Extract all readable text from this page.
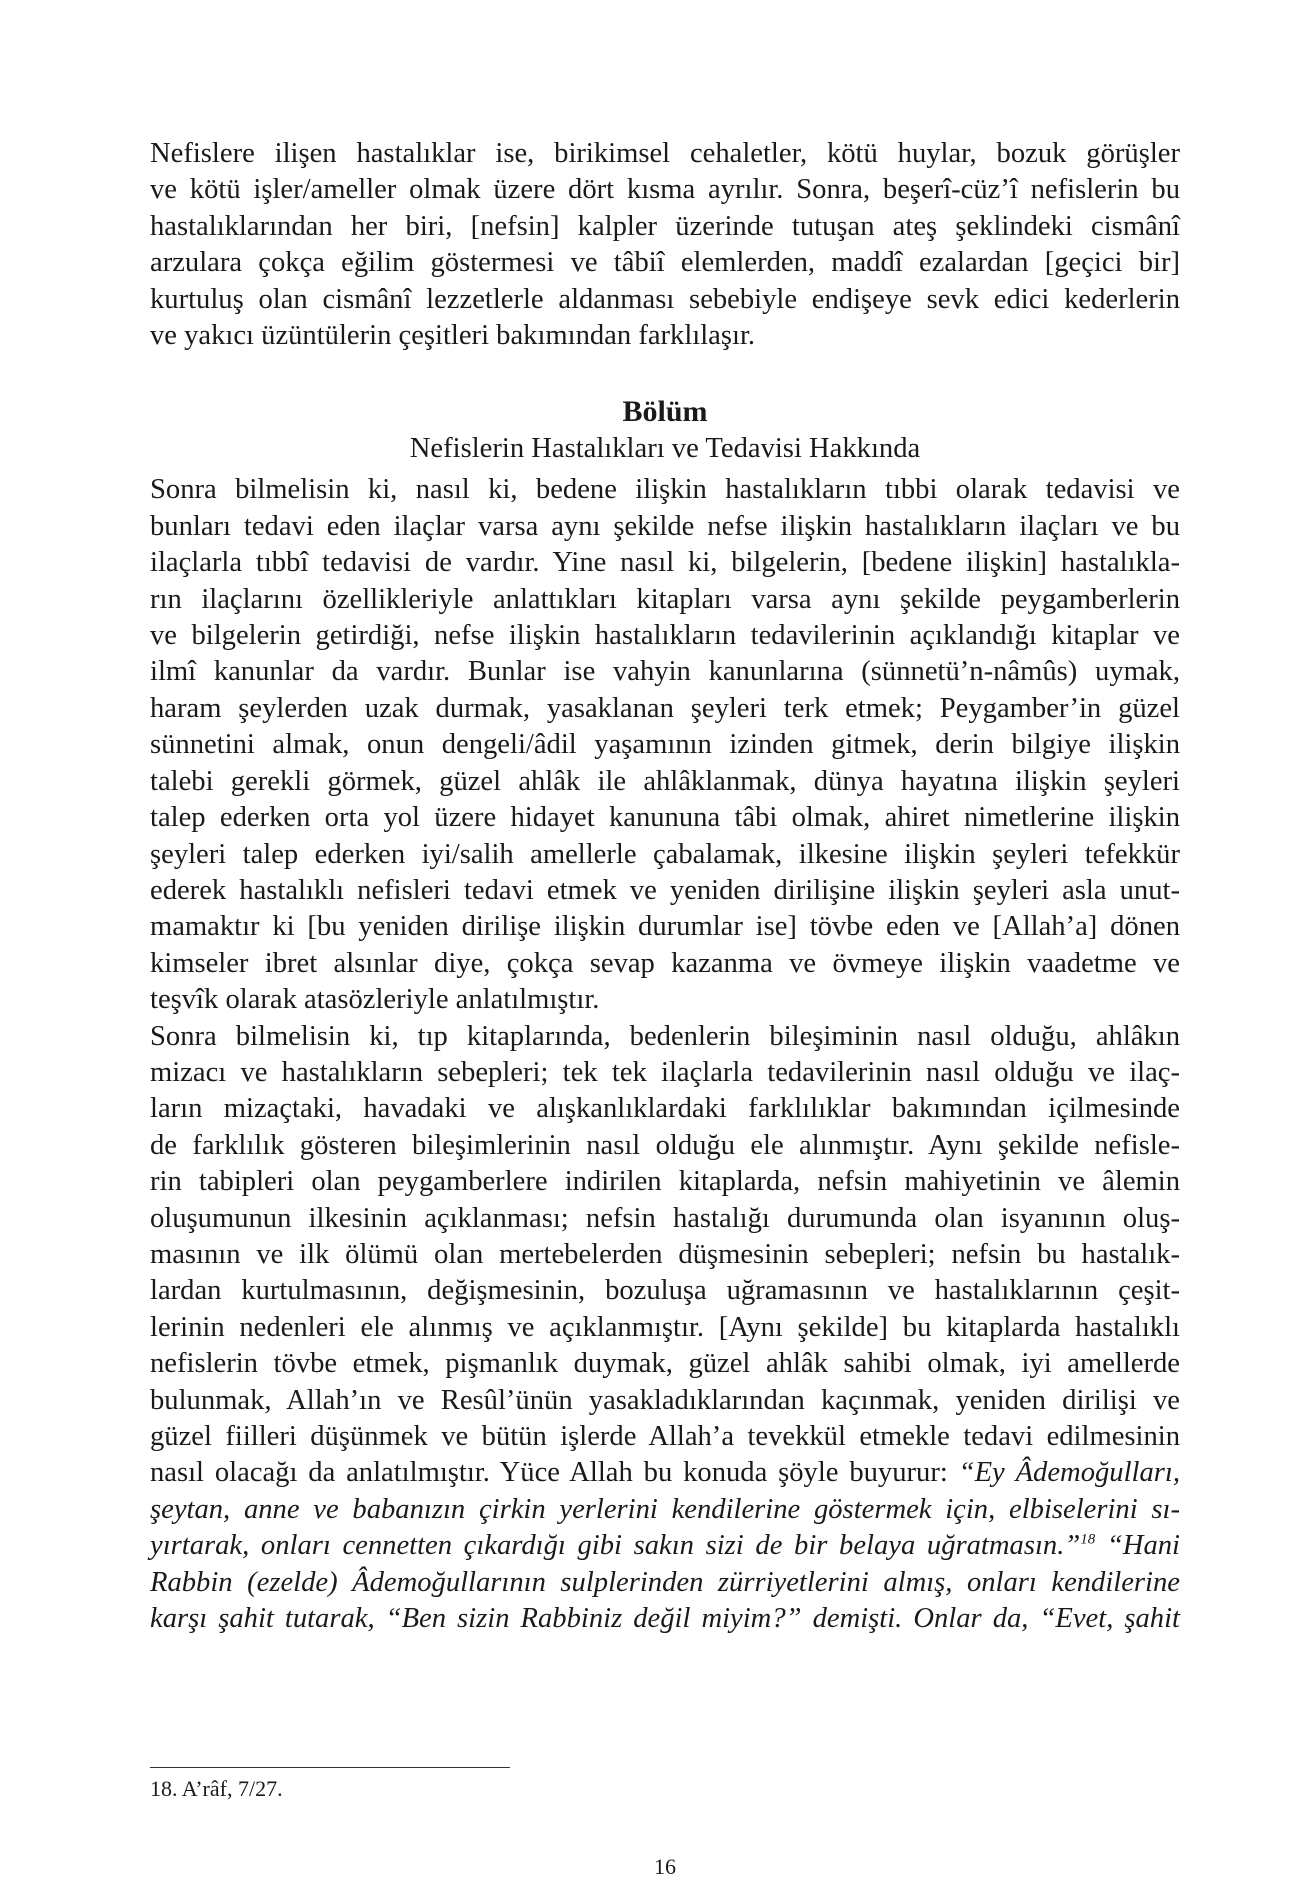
Nefislere ilişen hastalıklar ise, birikimsel cehaletler, kötü huylar, bozuk görüşler
ve kötü işler/ameller olmak üzere dört kısma ayrılır. Sonra, beşerî-cüz’î nefislerin bu
hastalıklarından her biri, [nefsin] kalpler üzerinde tutuşan ateş şeklindeki cismânî
arzulara çokça eğilim göstermesi ve tâbiî elemlerden, maddî ezalardan [geçici bir]
kurtuluş olan cismânî lezzetlerle aldanması sebebiyle endişeye sevk edici kederlerin
ve yakıcı üzüntülerin çeşitleri bakımından farklılaşır.

Bölüm
Nefislerin Hastalıkları ve Tedavisi Hakkında

Sonra bilmelisin ki, nasıl ki, bedene ilişkin hastalıkların tıbbi olarak tedavisi ve
bunları tedavi eden ilaçlar varsa aynı şekilde nefse ilişkin hastalıkların ilaçları ve bu
ilaçlarla tıbbî tedavisi de vardır. Yine nasıl ki, bilgelerin, [bedene ilişkin] hastalıkla-
rın ilaçlarını özellikleriyle anlattıkları kitapları varsa aynı şekilde peygamberlerin
ve bilgelerin getirdiği, nefse ilişkin hastalıkların tedavilerinin açıklandığı kitaplar ve
ilmî kanunlar da vardır. Bunlar ise vahyin kanunlarına (sünnetü’n-nâmûs) uymak,
haram şeylerden uzak durmak, yasaklanan şeyleri terk etmek; Peygamber’in güzel
sünnetini almak, onun dengeli/âdil yaşamının izinden gitmek, derin bilgiye ilişkin
talebi gerekli görmek, güzel ahlâk ile ahlâklanmak, dünya hayatına ilişkin şeyleri
talep ederken orta yol üzere hidayet kanununa tâbi olmak, ahiret nimetlerine ilişkin
şeyleri talep ederken iyi/salih amellerle çabalamak, ilkesine ilişkin şeyleri tefekkür
ederek hastalıklı nefisleri tedavi etmek ve yeniden dirilişine ilişkin şeyleri asla unut-
mamaktır ki [bu yeniden dirilişe ilişkin durumlar ise] tövbe eden ve [Allah’a] dönen
kimseler ibret alsınlar diye, çokça sevap kazanma ve övmeye ilişkin vaadetme ve
teşvîk olarak atasözleriyle anlatılmıştır.

Sonra bilmelisin ki, tıp kitaplarında, bedenlerin bileşiminin nasıl olduğu, ahlâkın
mizacı ve hastalıkların sebepleri; tek tek ilaçlarla tedavilerinin nasıl olduğu ve ilaç-
ların mizaçtaki, havadaki ve alışkanlıklardaki farklılıklar bakımından içilmesinde
de farklılık gösteren bileşimlerinin nasıl olduğu ele alınmıştır. Aynı şekilde nefisle-
rin tabipleri olan peygamberlere indirilen kitaplarda, nefsin mahiyetinin ve âlemin
oluşumunun ilkesinin açıklanması; nefsin hastalığı durumunda olan isyanının oluş-
masının ve ilk ölümü olan mertebelerden düşmesinin sebepleri; nefsin bu hastalık-
lardan kurtulmasının, değişmesinin, bozuluşa uğramasının ve hastalıklarının çeşit-
lerinin nedenleri ele alınmış ve açıklanmıştır. [Aynı şekilde] bu kitaplarda hastalıklı
nefislerin tövbe etmek, pişmanlık duymak, güzel ahlâk sahibi olmak, iyi amellerde
bulunmak, Allah’ın ve Resûl’ünün yasakladıklarından kaçınmak, yeniden dirilişi ve
güzel fiilleri düşünmek ve bütün işlerde Allah’a tevekkül etmekle tedavi edilmesinin
nasıl olacağı da anlatılmıştır. Yüce Allah bu konuda şöyle buyurur: “Ey Âdemoğulları,
şeytan, anne ve babanızın çirkin yerlerini kendilerine göstermek için, elbiselerini sı-
yırtarak, onları cennetten çıkardığı gibi sakın sizi de bir belaya uğratmasın.”$^{18}$ “Hani
Rabbin (ezelde) Âdemoğullarının sulplerinden zürriyetlerini almış, onları kendilerine
karşı şahit tutarak, “Ben sizin Rabbiniz değil miyim?” demişti. Onlar da, “Evet, şahit

18. A’râf, 7/27.
16
